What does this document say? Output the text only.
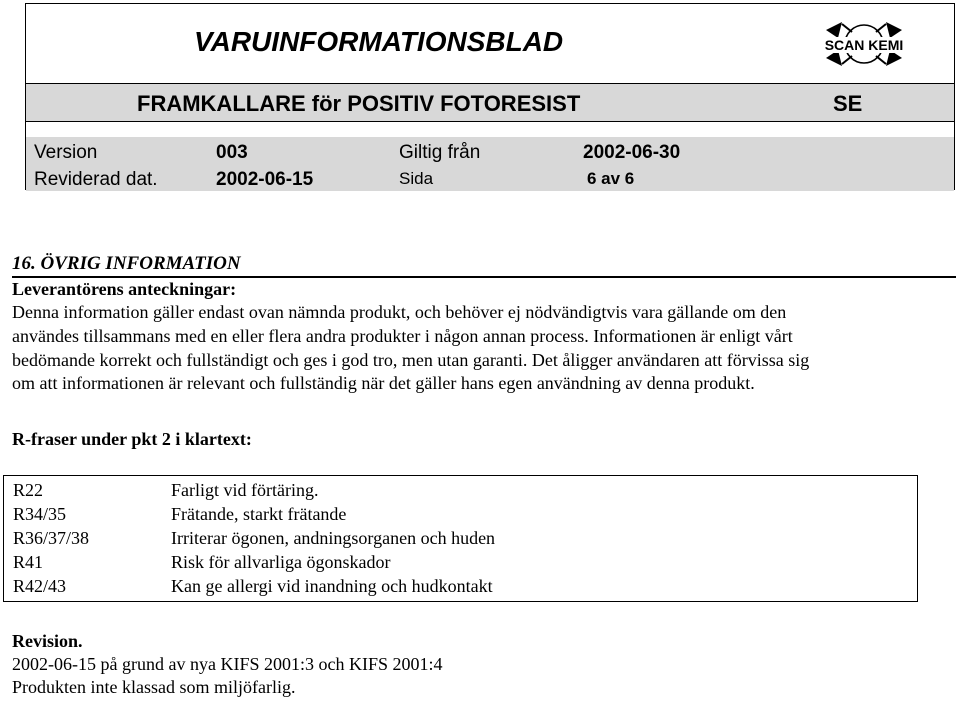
VARUINFORMATIONSBLAD	SCAN KEMI
FRAMKALLARE för POSITIV FOTORESIST	SE
Version	003	Giltig från	2002-06-30
Reviderad dat.	2002-06-15	Sida	6 av 6
16. ÖVRIG INFORMATION
Leverantörens anteckningar:
Denna information gäller endast ovan nämnda produkt, och behöver ej nödvändigtvis vara gällande om den
användes tillsammans med en eller flera andra produkter i någon annan process. Informationen är enligt vårt
bedömande korrekt och fullständigt och ges i god tro, men utan garanti. Det åligger användaren att förvissa sig
om att informationen är relevant och fullständig när det gäller hans egen användning av denna produkt.
R-fraser under pkt 2 i klartext:
R22	Farligt vid förtäring.
R34/35	Frätande, starkt frätande
R36/37/38	Irriterar ögonen, andningsorganen och huden
R41	Risk för allvarliga ögonskador
R42/43	Kan ge allergi vid inandning och hudkontakt
Revision.
2002-06-15 på grund av nya KIFS 2001:3 och KIFS 2001:4
Produkten inte klassad som miljöfarlig.
